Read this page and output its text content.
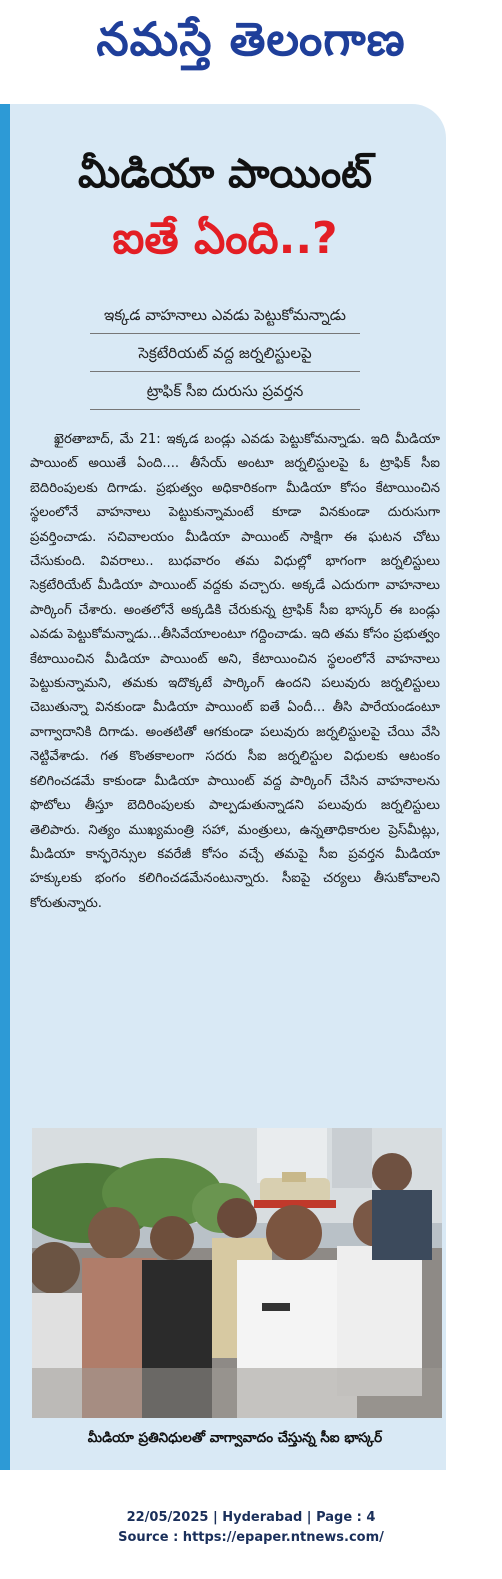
నమస్తే తెలంగాణ
మీడియా పాయింట్
ఐతే ఏంది..?
ఇక్కడ వాహనాలు ఎవడు పెట్టుకోమన్నాడు
సెక్రటేరియట్ వద్ద జర్నలిస్టులపై
ట్రాఫిక్ సీఐ దురుసు ప్రవర్తన

ఖైరతాబాద్, మే 21: ఇక్కడ బండ్లు ఎవడు పెట్టుకోమన్నాడు. ఇది మీడియా పాయింట్ అయితే ఏంది.... తీసేయ్ అంటూ జర్నలిస్టులపై ఓ ట్రాఫిక్ సీఐ బెదిరింపులకు దిగాడు. ప్రభుత్వం అధికారికంగా మీడియా కోసం కేటాయించిన స్థలంలోనే వాహనాలు పెట్టుకున్నామంటే కూడా వినకుండా దురుసుగా ప్రవర్తించాడు. సచివాలయం మీడియా పాయింట్ సాక్షిగా ఈ ఘటన చోటు చేసుకుంది. వివరాలు.. బుధవారం తమ విధుల్లో భాగంగా జర్నలిస్టులు సెక్రటేరియేట్ మీడియా పాయింట్ వద్దకు వచ్చారు. అక్కడే ఎదురుగా వాహనాలు పార్కింగ్ చేశారు. అంతలోనే అక్కడికి చేరుకున్న ట్రాఫిక్ సీఐ భాస్కర్ ఈ బండ్లు ఎవడు పెట్టుకోమన్నాడు...తీసివేయాలంటూ గద్దించాడు. ఇది తమ కోసం ప్రభుత్వం కేటాయించిన మీడియా పాయింట్ అని, కేటాయించిన స్థలంలోనే వాహనాలు పెట్టుకున్నామని, తమకు ఇదొక్కటే పార్కింగ్ ఉందని పలువురు జర్నలిస్టులు చెబుతున్నా వినకుండా మీడియా పాయింట్ ఐతే ఏందీ... తీసి పారేయండంటూ వాగ్వాదానికి దిగాడు. అంతటితో ఆగకుండా పలువురు జర్నలిస్టులపై చేయి వేసి నెట్టివేశాడు. గత కొంతకాలంగా సదరు సీఐ జర్నలిస్టుల విధులకు ఆటంకం కలిగించడమే కాకుండా మీడియా పాయింట్ వద్ద పార్కింగ్ చేసిన వాహనాలను ఫొటోలు తీస్తూ బెదిరింపులకు పాల్పడుతున్నాడని పలువురు జర్నలిస్టులు తెలిపారు. నిత్యం ముఖ్యమంత్రి సహా, మంత్రులు, ఉన్నతాధికారుల ప్రెస్‌మీట్లు, మీడియా కాన్ఫరెన్సుల కవరేజీ కోసం వచ్చే తమపై సీఐ ప్రవర్తన మీడియా హక్కులకు భంగం కలిగించడమేనంటున్నారు. సీఐపై చర్యలు తీసుకోవాలని కోరుతున్నారు.

మీడియా ప్రతినిధులతో వాగ్వావాదం చేస్తున్న సీఐ భాస్కర్
22/05/2025 | Hyderabad | Page : 4
Source : https://epaper.ntnews.com/
